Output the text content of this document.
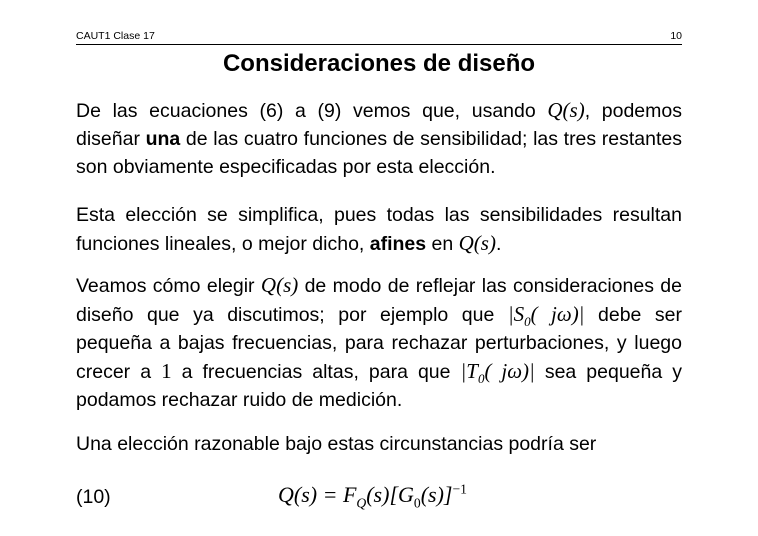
CAUT1 Clase 17	10
Consideraciones de diseño
De las ecuaciones (6) a (9) vemos que, usando Q(s), podemos diseñar una de las cuatro funciones de sensibilidad; las tres restantes son obviamente especificadas por esta elección.
Esta elección se simplifica, pues todas las sensibilidades resultan funciones lineales, o mejor dicho, afines en Q(s).
Veamos cómo elegir Q(s) de modo de reflejar las consideraciones de diseño que ya discutimos; por ejemplo que $|S_0$( jω)| debe ser pequeña a bajas frecuencias, para rechazar perturbaciones, y luego crecer a 1 a frecuencias altas, para que $|T_0$( jω)| sea pequeña y podamos rechazar ruido de medición.
Una elección razonable bajo estas circunstancias podría ser
(10)	$Q(s) = F_Q(s)[G_0(s)]^{-1}$
